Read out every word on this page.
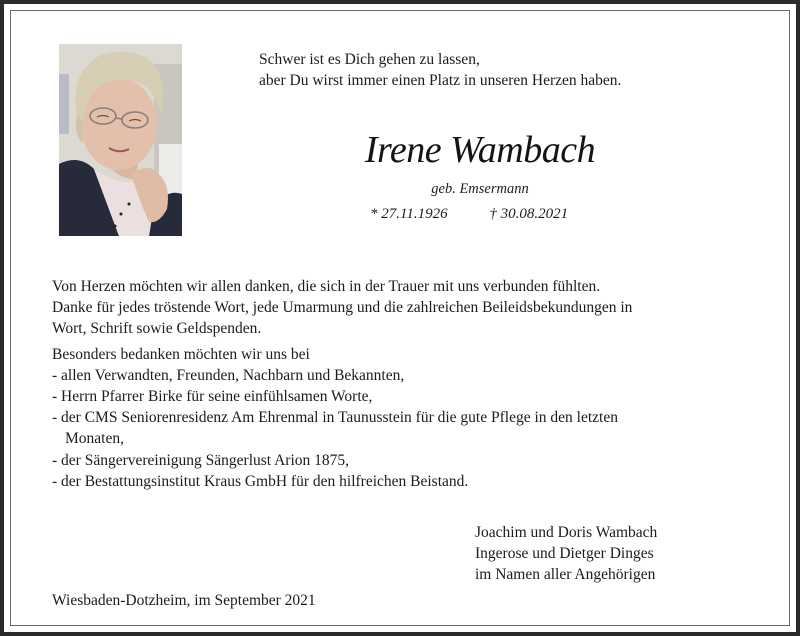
Schwer ist es Dich gehen zu lassen,
aber Du wirst immer einen Platz in unseren Herzen haben.
Irene Wambach
geb. Emsermann
* 27.11.1926	† 30.08.2021

Von Herzen möchten wir allen danken, die sich in der Trauer mit uns verbunden fühlten.

Danke für jedes tröstende Wort, jede Umarmung und die zahlreichen Beileidsbekundungen in

Wort, Schrift sowie Geldspenden.

Besonders bedanken möchten wir uns bei

- allen Verwandten, Freunden, Nachbarn und Bekannten,

- Herrn Pfarrer Birke für seine einfühlsamen Worte,

- der CMS Seniorenresidenz Am Ehrenmal in Taunusstein für die gute Pflege in den letzten

Monaten,

- der Sängervereinigung Sängerlust Arion 1875,

- der Bestattungsinstitut Kraus GmbH für den hilfreichen Beistand.

Joachim und Doris Wambach
Ingerose und Dietger Dinges
im Namen aller Angehörigen
Wiesbaden-Dotzheim, im September 2021
